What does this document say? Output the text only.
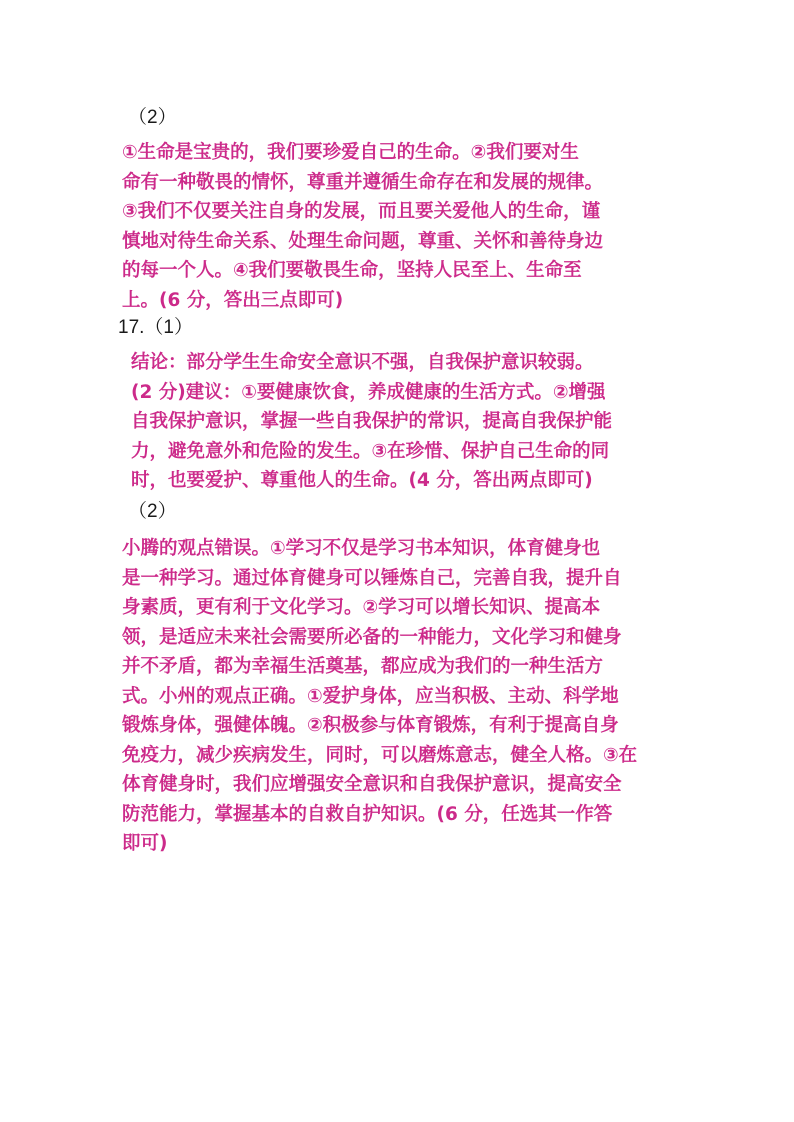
（2）
①生命是宝贵的，我们要珍爱自己的生命。②我们要对生
命有一种敬畏的情怀，尊重并遵循生命存在和发展的规律。
③我们不仅要关注自身的发展，而且要关爱他人的生命，谨
慎地对待生命关系、处理生命问题，尊重、关怀和善待身边
的每一个人。④我们要敬畏生命，坚持人民至上、生命至
上。(6 分，答出三点即可)
17.（1）
结论：部分学生生命安全意识不强，自我保护意识较弱。
(2 分)建议：①要健康饮食，养成健康的生活方式。②增强
自我保护意识，掌握一些自我保护的常识，提高自我保护能
力，避免意外和危险的发生。③在珍惜、保护自己生命的同
时，也要爱护、尊重他人的生命。(4 分，答出两点即可)
（2）
小腾的观点错误。①学习不仅是学习书本知识，体育健身也
是一种学习。通过体育健身可以锤炼自己，完善自我，提升自
身素质，更有利于文化学习。②学习可以增长知识、提高本
领，是适应未来社会需要所必备的一种能力，文化学习和健身
并不矛盾，都为幸福生活奠基，都应成为我们的一种生活方
式。小州的观点正确。①爱护身体，应当积极、主动、科学地
锻炼身体，强健体魄。②积极参与体育锻炼，有利于提高自身
免疫力，减少疾病发生，同时，可以磨炼意志，健全人格。③在
体育健身时，我们应增强安全意识和自我保护意识，提高安全
防范能力，掌握基本的自救自护知识。(6 分，任选其一作答
即可)
